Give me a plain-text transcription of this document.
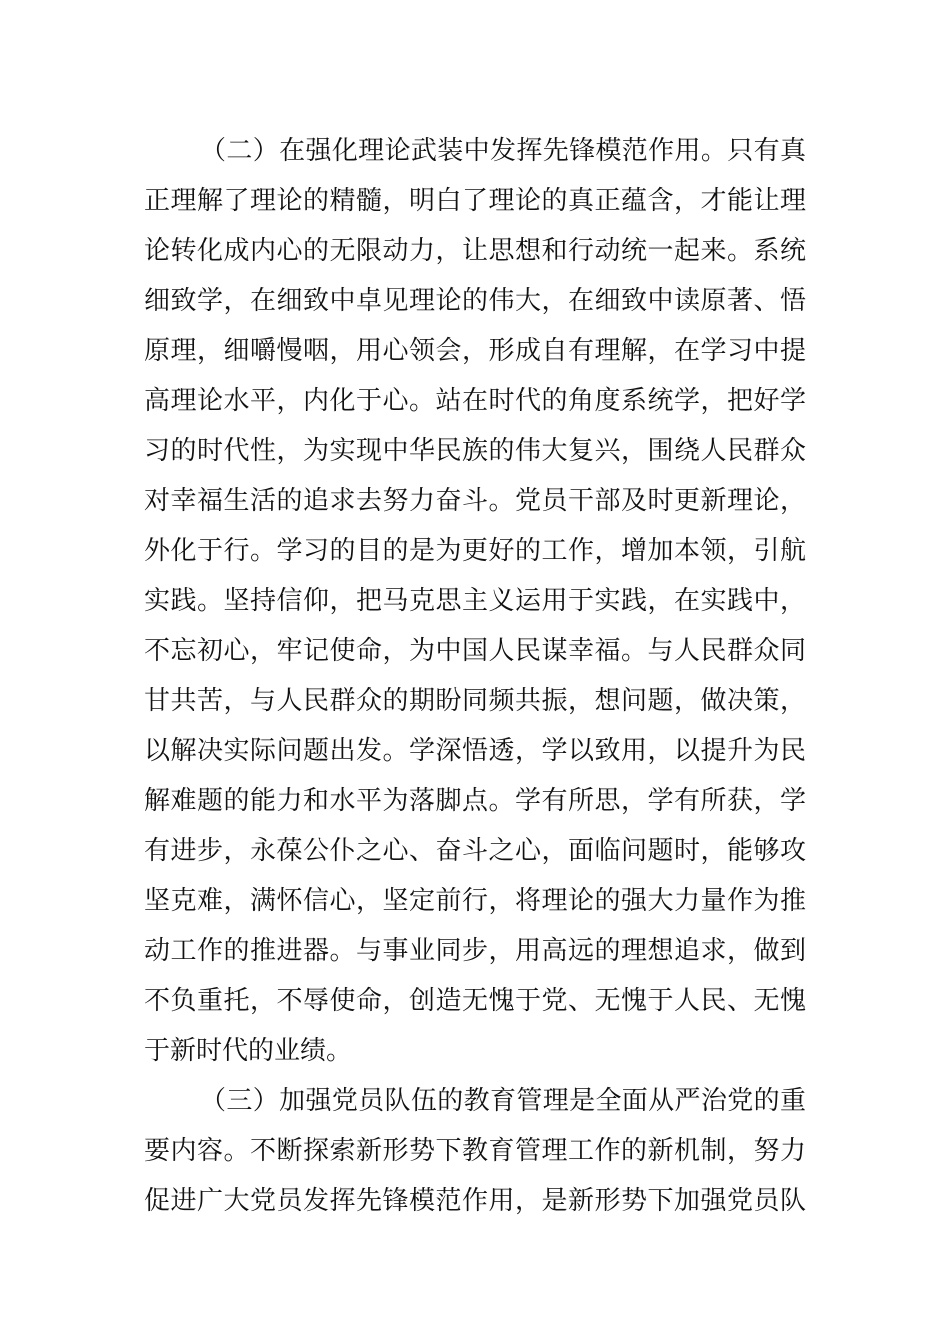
（二）在强化理论武装中发挥先锋模范作用。只有真
正理解了理论的精髓，明白了理论的真正蕴含，才能让理
论转化成内心的无限动力，让思想和行动统一起来。系统
细致学，在细致中卓见理论的伟大，在细致中读原著、悟
原理，细嚼慢咽，用心领会，形成自有理解，在学习中提
高理论水平，内化于心。站在时代的角度系统学，把好学
习的时代性，为实现中华民族的伟大复兴，围绕人民群众
对幸福生活的追求去努力奋斗。党员干部及时更新理论，
外化于行。学习的目的是为更好的工作，增加本领，引航
实践。坚持信仰，把马克思主义运用于实践，在实践中，
不忘初心，牢记使命，为中国人民谋幸福。与人民群众同
甘共苦，与人民群众的期盼同频共振，想问题，做决策，
以解决实际问题出发。学深悟透，学以致用，以提升为民
解难题的能力和水平为落脚点。学有所思，学有所获，学
有进步，永葆公仆之心、奋斗之心，面临问题时，能够攻
坚克难，满怀信心，坚定前行，将理论的强大力量作为推
动工作的推进器。与事业同步，用高远的理想追求，做到
不负重托，不辱使命，创造无愧于党、无愧于人民、无愧
于新时代的业绩。
（三）加强党员队伍的教育管理是全面从严治党的重
要内容。不断探索新形势下教育管理工作的新机制，努力
促进广大党员发挥先锋模范作用，是新形势下加强党员队
